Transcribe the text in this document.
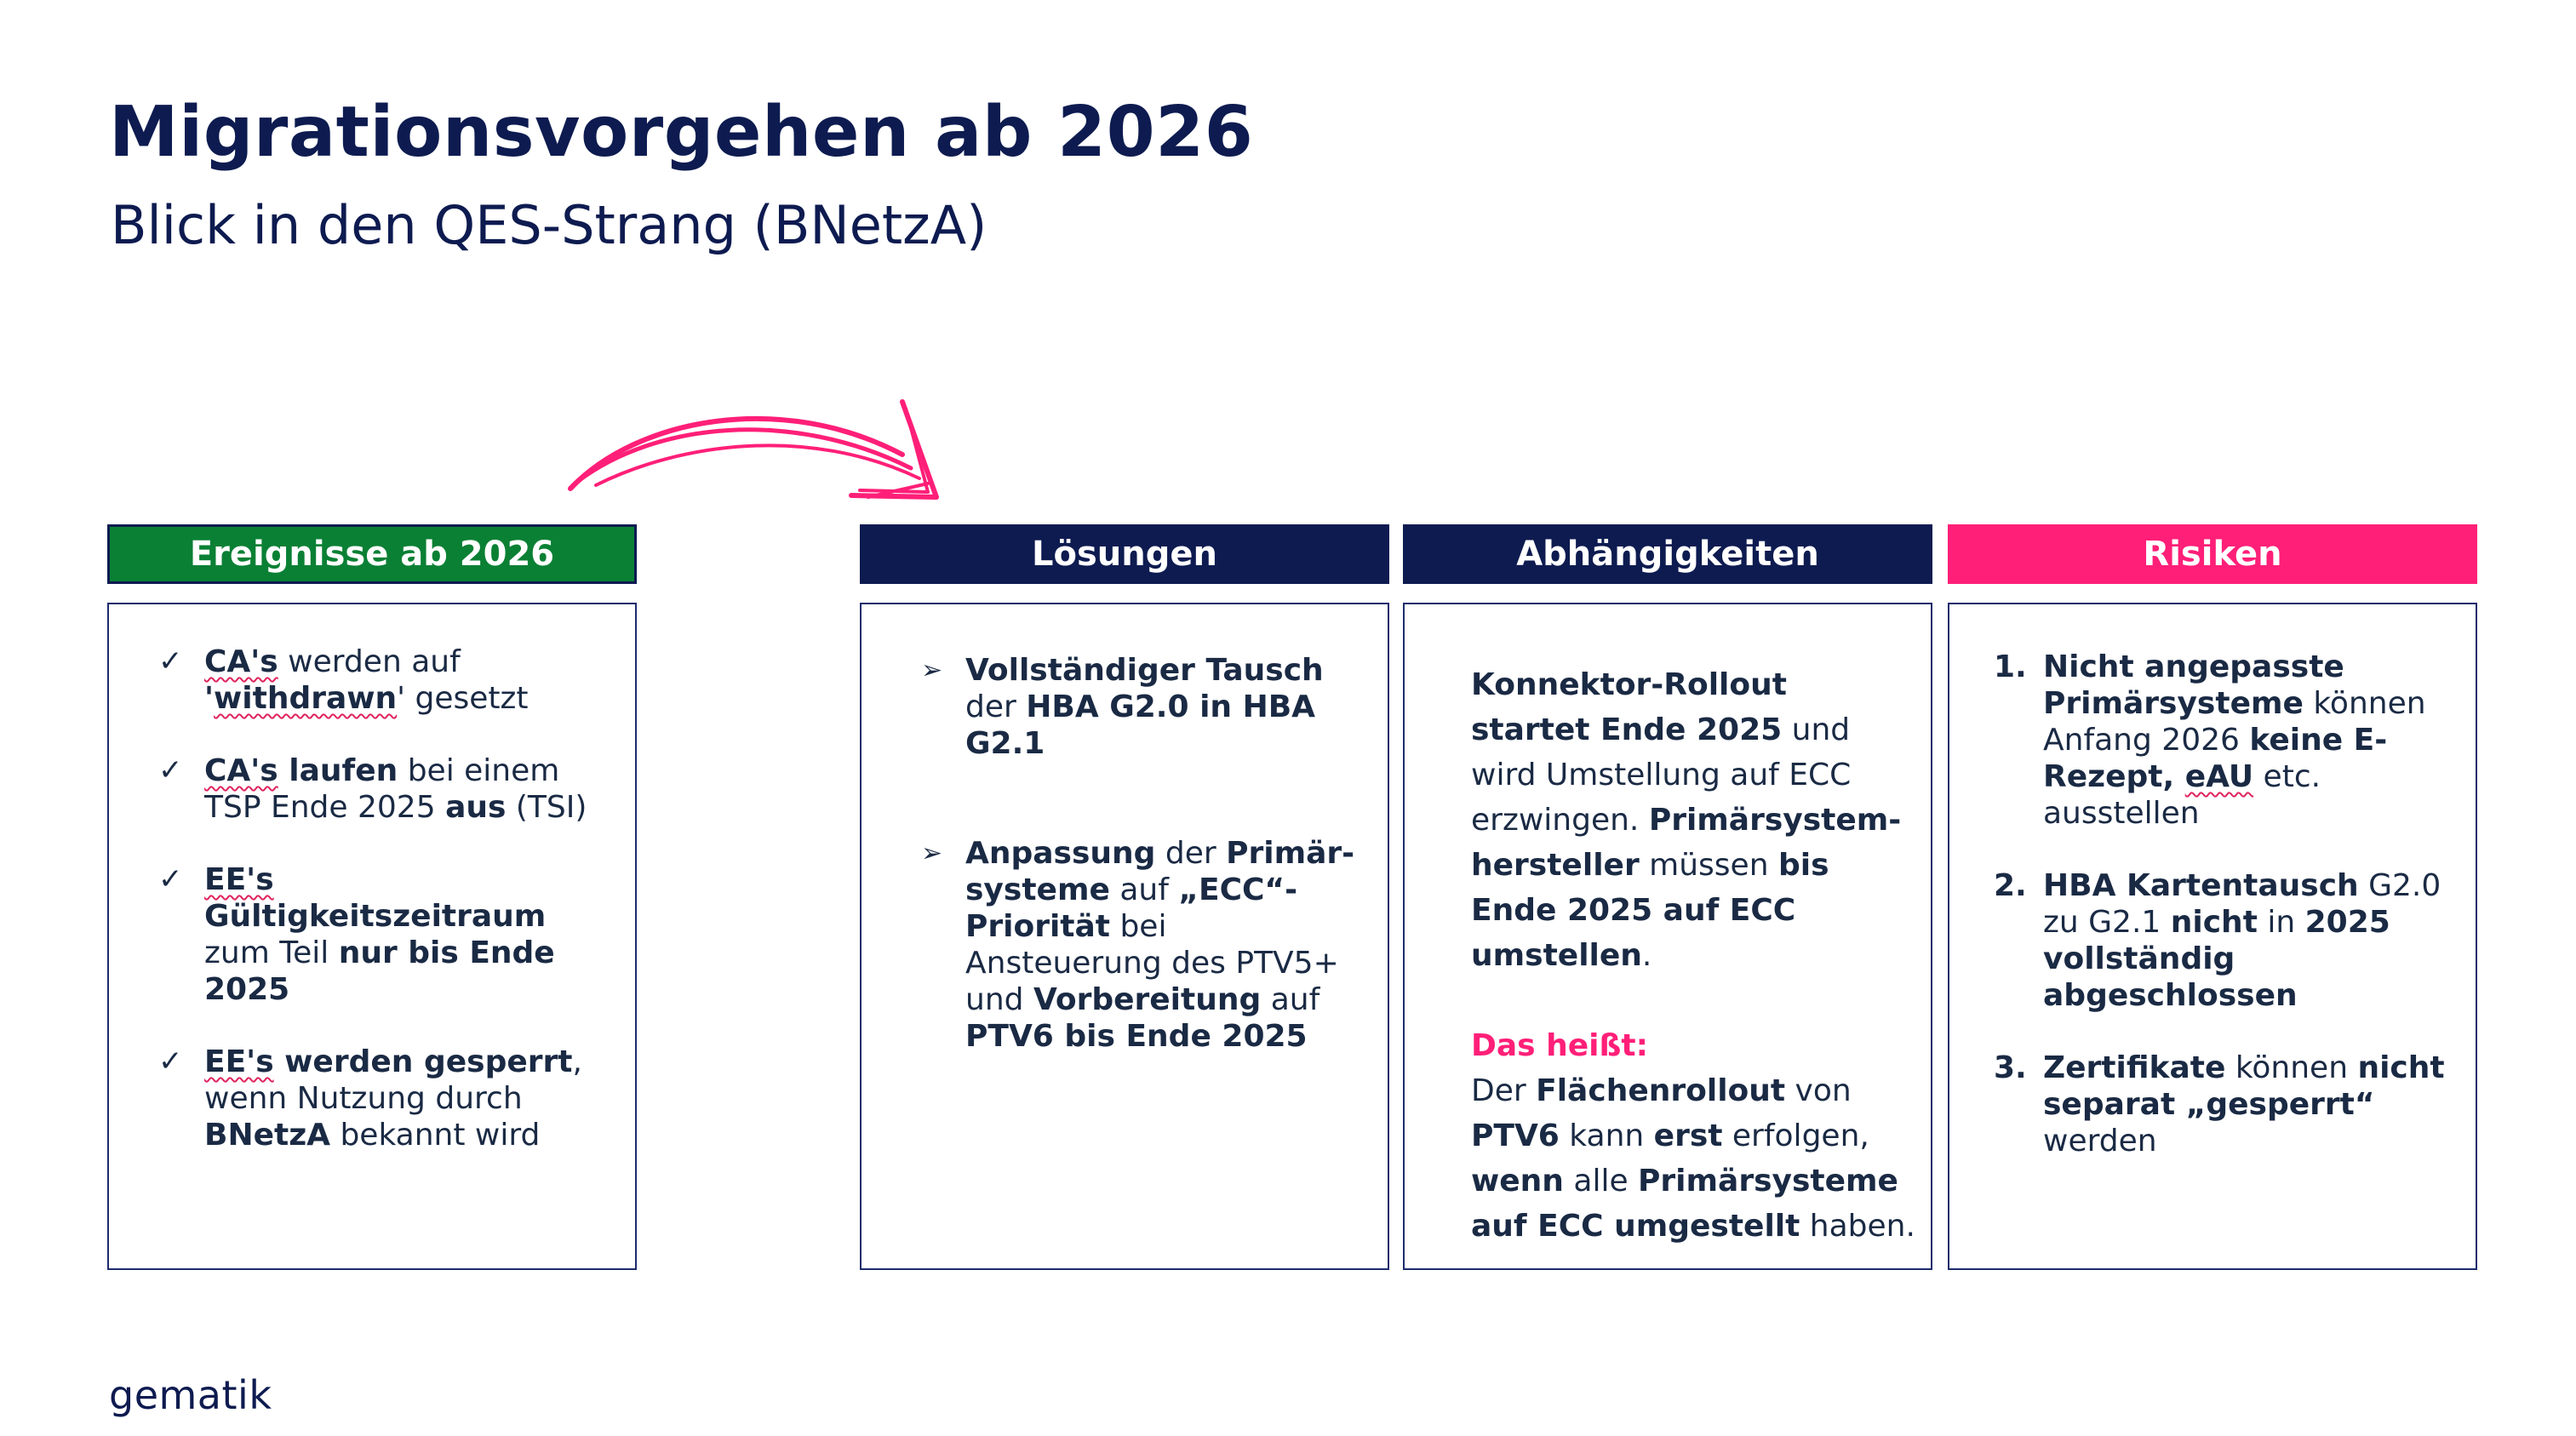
Migrationsvorgehen ab 2026
Blick in den QES-Strang (BNetzA)
Ereignisse ab 2026	Lösungen	Abhängigkeiten	Risiken
✓ CA's werden auf 'withdrawn' gesetzt
✓ CA's laufen bei einem TSP Ende 2025 aus (TSI)
✓ EE's Gültigkeitszeitraum zum Teil nur bis Ende 2025
✓ EE's werden gesperrt, wenn Nutzung durch BNetzA bekannt wird
➢ Vollständiger Tausch der HBA G2.0 in HBA G2.1
➢ Anpassung der Primär-systeme auf „ECC“-Priorität bei Ansteuerung des PTV5+ und Vorbereitung auf PTV6 bis Ende 2025

Konnektor-Rollout startet Ende 2025 und wird Umstellung auf ECC erzwingen. Primärsystem-hersteller müssen bis Ende 2025 auf ECC umstellen.

Das heißt:

Der Flächenrollout von PTV6 kann erst erfolgen, wenn alle Primärsysteme auf ECC umgestellt haben.

1. Nicht angepasste Primärsysteme können Anfang 2026 keine E-Rezept, eAU etc. ausstellen
2. HBA Kartentausch G2.0 zu G2.1 nicht in 2025 vollständig abgeschlossen
3. Zertifikate können nicht separat „gesperrt“ werden
gematik
